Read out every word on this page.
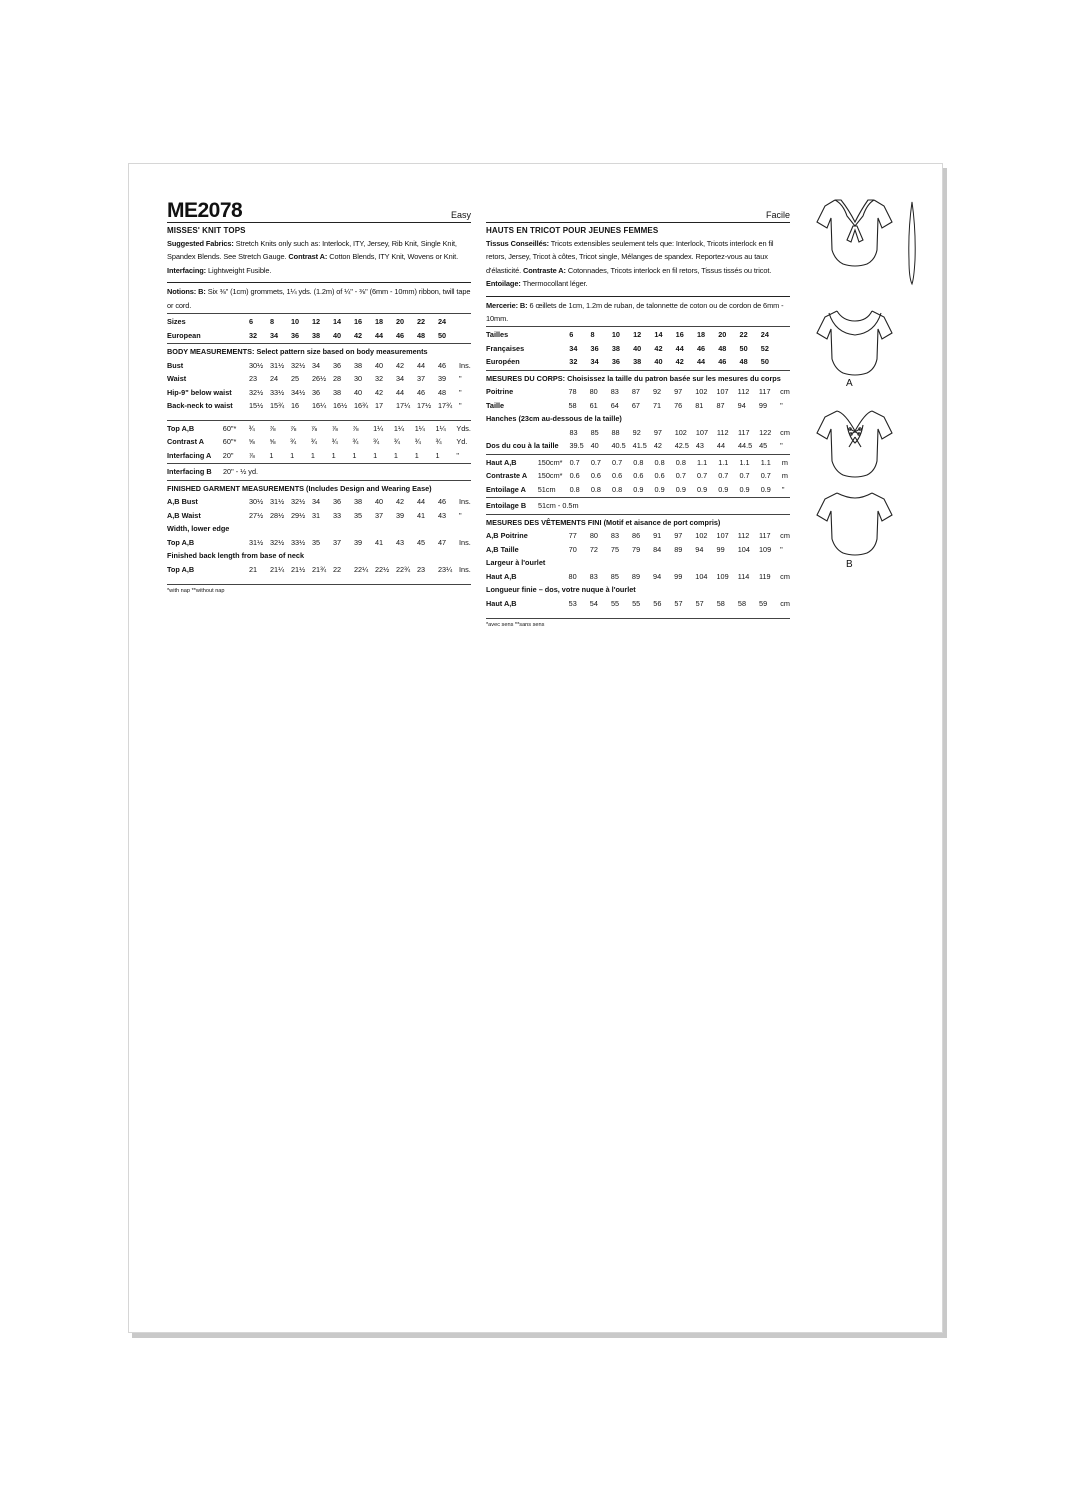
ME2078	Easy
MISSES' KNIT TOPS
Suggested Fabrics: Stretch Knits only such as: Interlock, ITY, Jersey, Rib Knit, Single Knit, Spandex Blends. See Stretch Gauge. Contrast A: Cotton Blends, ITY Knit, Wovens or Knit. Interfacing: Lightweight Fusible.
Notions: B: Six ⅜" (1cm) grommets, 1¼ yds. (1.2m) of ¼" - ⅜" (6mm - 10mm) ribbon, twill tape or cord.
Sizes	6	8	10	12	14	16	18	20	22	24	
European	32	34	36	38	40	42	44	46	48	50	
BODY MEASUREMENTS: Select pattern size based on body measurements
Bust	30½	31½	32½	34	36	38	40	42	44	46	Ins.
Waist	23	24	25	26½	28	30	32	34	37	39	"
Hip-9" below waist	32½	33½	34½	36	38	40	42	44	46	48	"
Back-neck to waist	15½	15¾	16	16¼	16½	16¾	17	17¼	17½	17¾	"
Top A,B	60"*	¾	⅞	⅞	⅞	⅞	⅞	1¼	1¼	1¼	1¼	Yds.
Contrast A	60"*	⅝	⅝	¾	¾	¾	¾	¾	¾	¾	¾	Yd.
Interfacing A	20"	⅞	1	1	1	1	1	1	1	1	1	"
Interfacing B 20" - ½ yd.
FINISHED GARMENT MEASUREMENTS (Includes Design and Wearing Ease)
A,B Bust	30½	31½	32½	34	36	38	40	42	44	46	Ins.
A,B Waist	27½	28½	29½	31	33	35	37	39	41	43	"
Width, lower edge
Top A,B	31½	32½	33½	35	37	39	41	43	45	47	Ins.
Finished back length from base of neck
Top A,B	21	21¼	21½	21¾	22	22¼	22½	22¾	23	23¼	Ins.
*with nap **without nap
Facile
HAUTS EN TRICOT POUR JEUNES FEMMES
Tissus Conseillés: Tricots extensibles seulement tels que: Interlock, Tricots interlock en fil retors, Jersey, Tricot à côtes, Tricot single, Mélanges de spandex. Reportez-vous au taux d'élasticité. Contraste A: Cotonnades, Tricots interlock en fil retors, Tissus tissés ou tricot. Entoilage: Thermocollant léger.
Mercerie: B: 6 œillets de 1cm, 1.2m de ruban, de talonnette de coton ou de cordon de 6mm - 10mm.
Tailles	6	8	10	12	14	16	18	20	22	24	
Françaises	34	36	38	40	42	44	46	48	50	52	
Européen	32	34	36	38	40	42	44	46	48	50	
MESURES DU CORPS: Choisissez la taille du patron basée sur les mesures du corps
Poitrine	78	80	83	87	92	97	102	107	112	117	cm
Taille	58	61	64	67	71	76	81	87	94	99	"
Hanches (23cm au-dessous de la taille)
	83	85	88	92	97	102	107	112	117	122	cm
Dos du cou à la taille	39.5	40	40.5	41.5	42	42.5	43	44	44.5	45	"
Haut A,B	150cm*	0.7	0.7	0.7	0.8	0.8	0.8	1.1	1.1	1.1	1.1	m
Contraste A	150cm*	0.6	0.6	0.6	0.6	0.6	0.7	0.7	0.7	0.7	0.7	m
Entoilage A	51cm	0.8	0.8	0.8	0.9	0.9	0.9	0.9	0.9	0.9	0.9	"
Entoilage B 51cm - 0.5m
MESURES DES VÊTEMENTS FINI (Motif et aisance de port compris)
A,B Poitrine	77	80	83	86	91	97	102	107	112	117	cm
A,B Taille	70	72	75	79	84	89	94	99	104	109	"
Largeur à l'ourlet
Haut A,B	80	83	85	89	94	99	104	109	114	119	cm
Longueur finie – dos, votre nuque à l'ourlet
Haut A,B	53	54	55	55	56	57	57	58	58	59	cm
*avec sens **sans sens
A
B
